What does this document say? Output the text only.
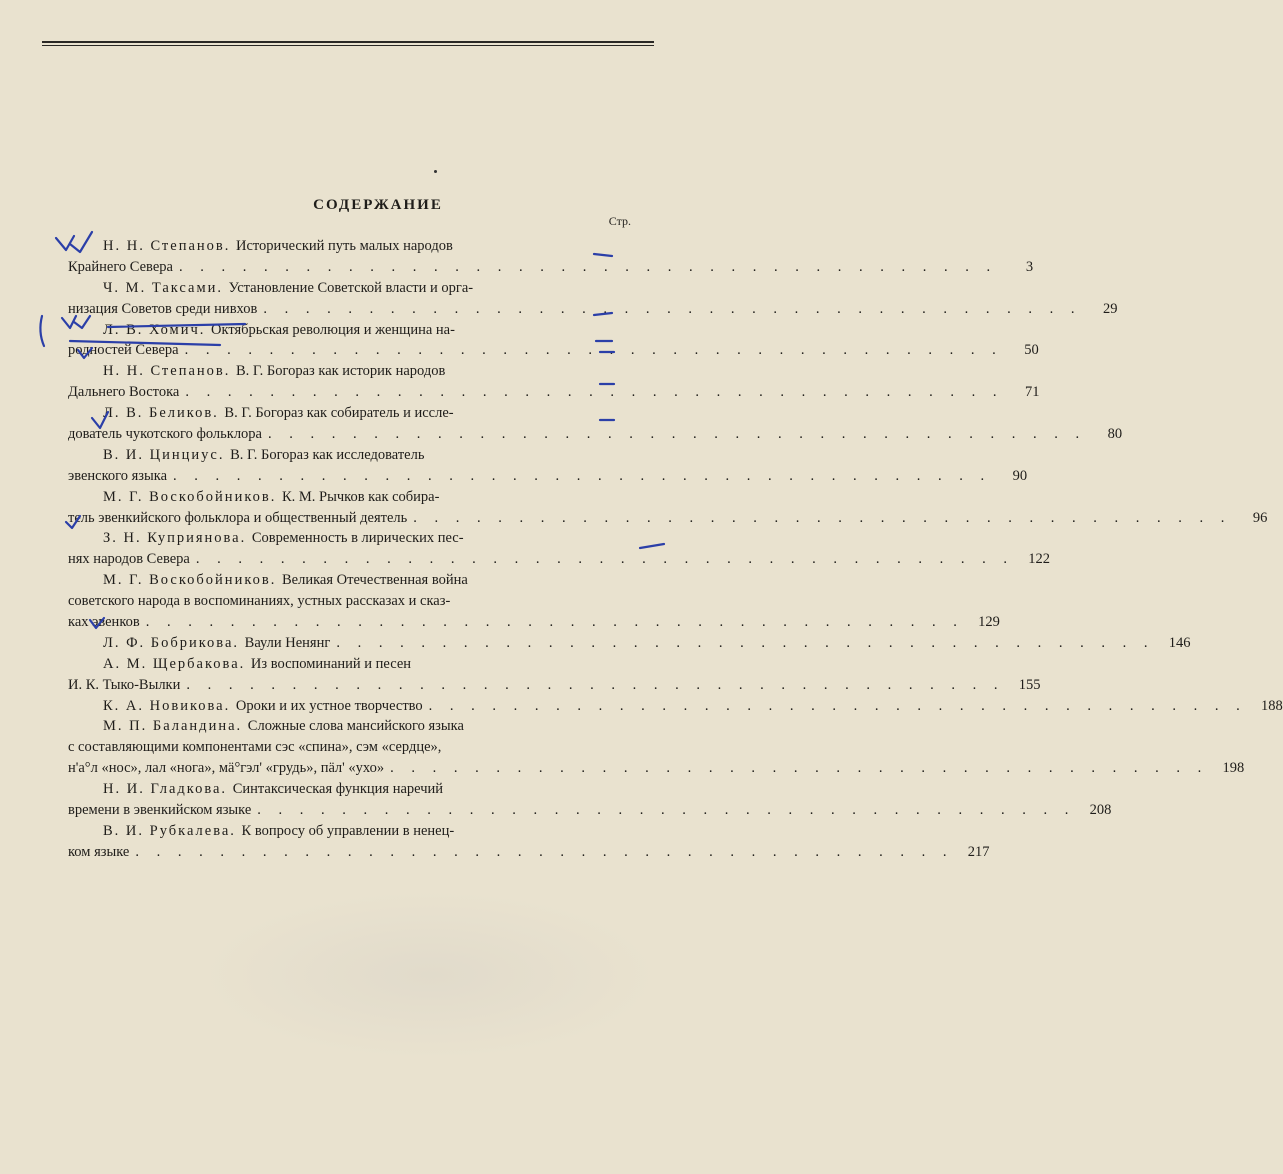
СОДЕРЖАНИЕ
Стр.
Н. Н. Степанов. Исторический путь малых народов
Крайнего Севера . . . . . . . . . . . . . . . . . . . . . . . . . . . . . . . . . . . . . . .	3
Ч. М. Таксами. Установление Советской власти и орга-
низация Советов среди нивхов . . . . . . . . . . . . . . . . . . . . . . . . . . . . . . . . . . . . . . .	29
Л. В. Хомич. Октябрьская революция и женщина на-
родностей Севера . . . . . . . . . . . . . . . . . . . . . . . . . . . . . . . . . . . . . . .	50
Н. Н. Степанов. В. Г. Богораз как историк народов
Дальнего Востока . . . . . . . . . . . . . . . . . . . . . . . . . . . . . . . . . . . . . . .	71
Л. В. Беликов. В. Г. Богораз как собиратель и иссле-
дователь чукотского фольклора . . . . . . . . . . . . . . . . . . . . . . . . . . . . . . . . . . . . . . .	80
В. И. Цинциус. В. Г. Богораз как исследователь
эвенского языка . . . . . . . . . . . . . . . . . . . . . . . . . . . . . . . . . . . . . . .	90
М. Г. Воскобойников. К. М. Рычков как собира-
тель эвенкийского фольклора и общественный деятель . . . . . . . . . . . . . . . . . . . . . . . . . . . . . . . . . . . . . . .	96
З. Н. Куприянова. Современность в лирических пес-
нях народов Севера . . . . . . . . . . . . . . . . . . . . . . . . . . . . . . . . . . . . . . . 122
М. Г. Воскобойников. Великая Отечественная война
советского народа в воспоминаниях, устных рассказах и сказ-
ках эвенков . . . . . . . . . . . . . . . . . . . . . . . . . . . . . . . . . . . . . . . 129
Л. Ф. Бобрикова. Ваули Ненянг . . . . . . . . . . . . . . . . . . . . . . . . . . . . . . . . . . . . . . . 146
А. М. Щербакова. Из воспоминаний и песен
И. К. Тыко-Вылки . . . . . . . . . . . . . . . . . . . . . . . . . . . . . . . . . . . . . . . 155
К. А. Новикова. Ороки и их устное творчество . . . . . . . . . . . . . . . . . . . . . . . . . . . . . . . . . . . . . . . 188
М. П. Баландина. Сложные слова мансийского языка
с составляющими компонентами сэс «спина», сэм «сердце»,
н'а°л «нос», лал «нога», мä°гэл' «грудь», пäл' «ухо» . . . . . . . . . . . . . . . . . . . . . . . . . . . . . . . . . . . . . . . 198
Н. И. Гладкова. Синтаксическая функция наречий
времени в эвенкийском языке . . . . . . . . . . . . . . . . . . . . . . . . . . . . . . . . . . . . . . . 208
В. И. Рубкалева. К вопросу об управлении в ненец-
ком языке . . . . . . . . . . . . . . . . . . . . . . . . . . . . . . . . . . . . . . . 217
